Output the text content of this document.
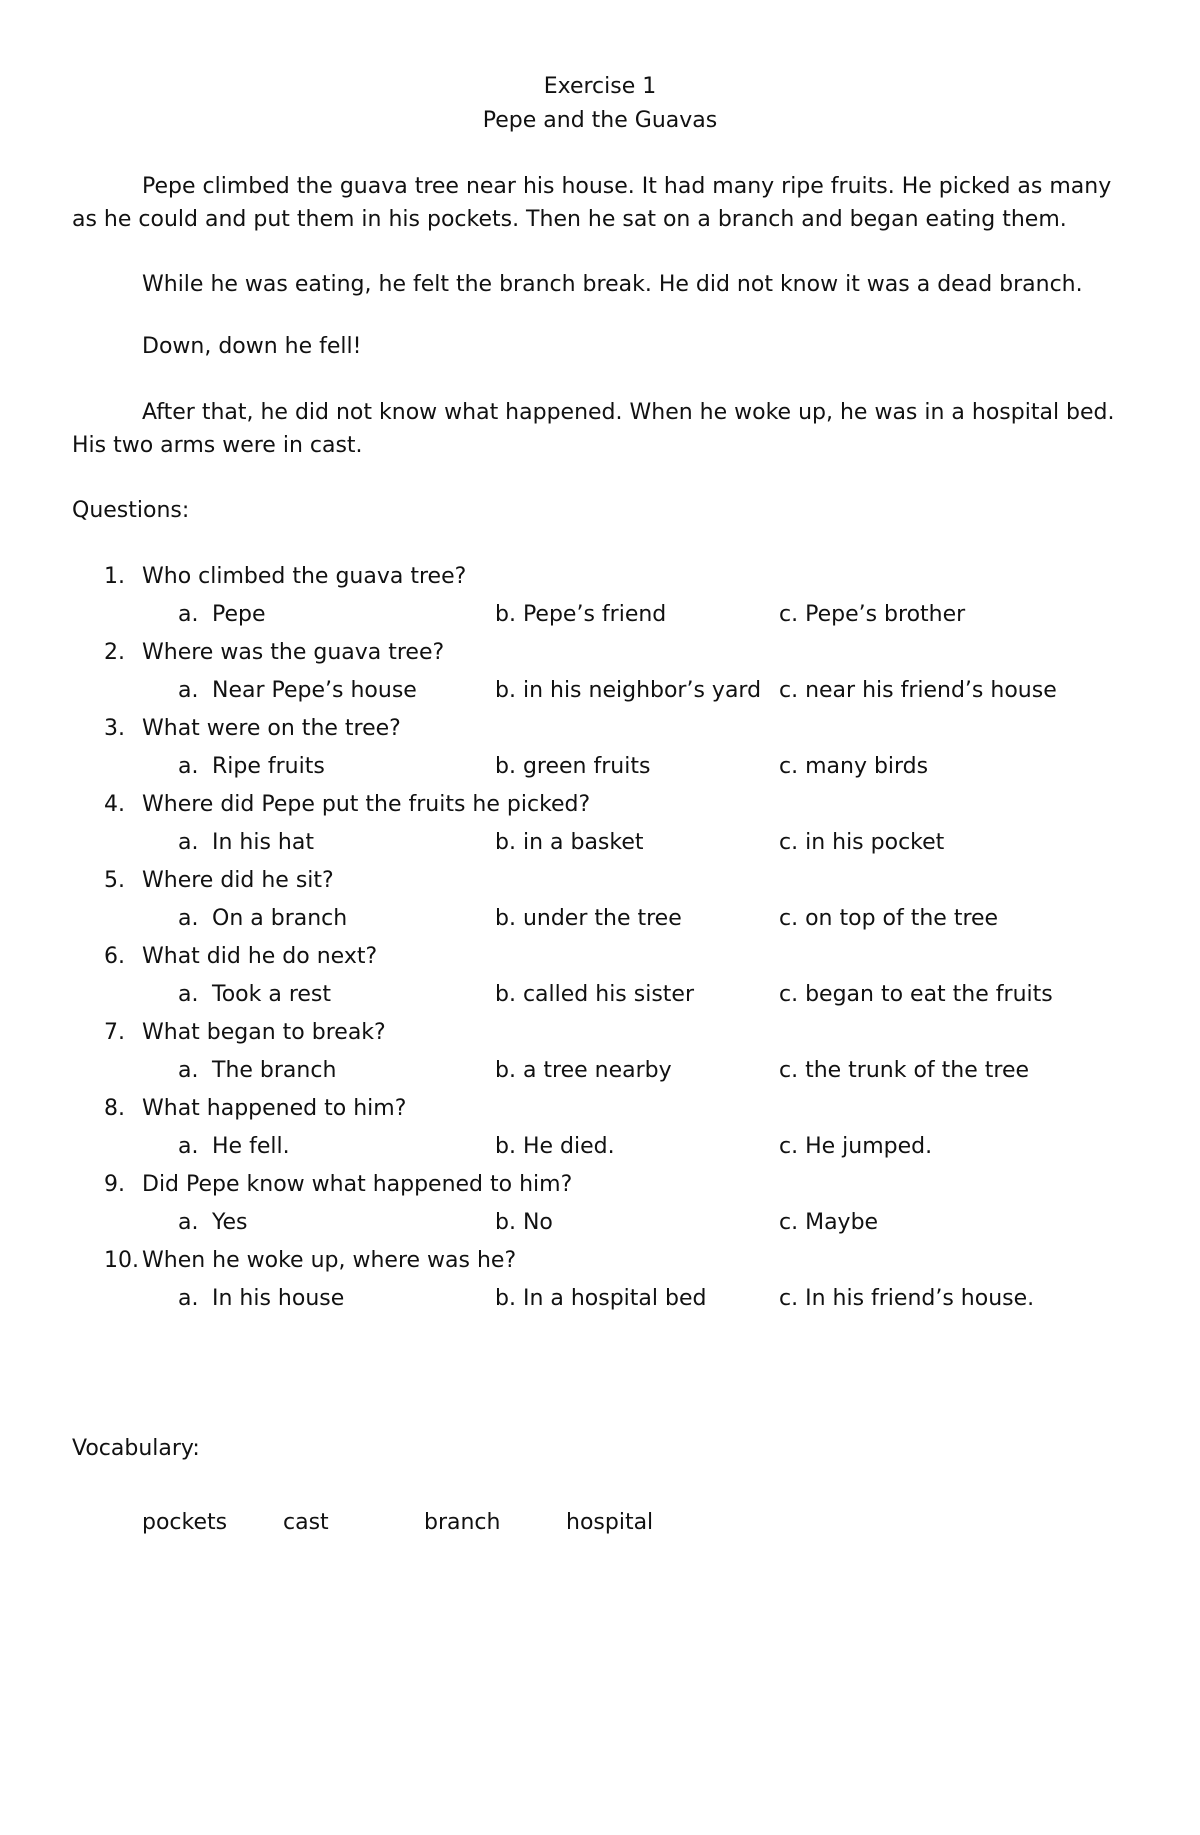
Exercise 1
Pepe and the Guavas

Pepe climbed the guava tree near his house. It had many ripe fruits. He picked as many as he could and put them in his pockets. Then he sat on a branch and began eating them.

While he was eating, he felt the branch break. He did not know it was a dead branch.

Down, down he fell!

After that, he did not know what happened. When he woke up, he was in a hospital bed. His two arms were in cast.

Questions:
1. Who climbed the guava tree?
a. Pepe	b. Pepe’s friend	c. Pepe’s brother
2. Where was the guava tree?
a. Near Pepe’s house	b. in his neighbor’s yard c. near his friend’s house
3. What were on the tree?
a. Ripe fruits	b. green fruits	c. many birds
4. Where did Pepe put the fruits he picked?
a. In his hat	b. in a basket	c. in his pocket
5. Where did he sit?
a. On a branch	b. under the tree	c. on top of the tree
6. What did he do next?
a. Took a rest	b. called his sister	c. began to eat the fruits
7. What began to break?
a. The branch	b. a tree nearby	c. the trunk of the tree
8. What happened to him?
a. He fell.	b. He died.	c. He jumped.
9. Did Pepe know what happened to him?
a. Yes	b. No	c. Maybe
10. When he woke up, where was he?
a. In his house	b. In a hospital bed	c. In his friend’s house.
Vocabulary:
pockets	cast	branch	hospital
